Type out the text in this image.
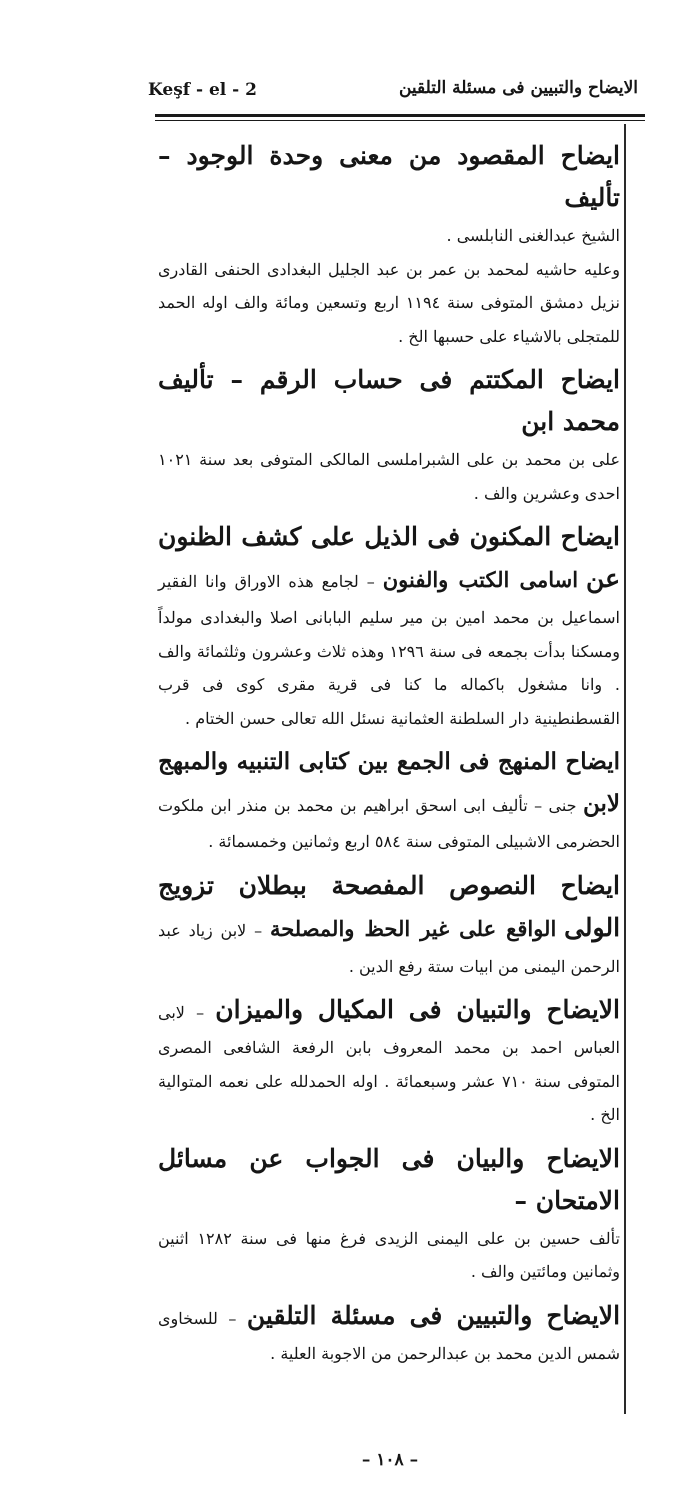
Keşf - el - 2	الايضاح والتبيين فى مسئلة التلقين

ايضاح المقصود من معنى وحدة الوجود – تأليف
الشيخ عبدالغنى النابلسى .
وعليه حاشيه لمحمد بن عمر بن عبد الجليل البغدادى الحنفى القادرى نزيل دمشق المتوفى سنة ١١٩٤ اربع وتسعين ومائة والف اوله الحمد للمتجلى بالاشياء على حسبها الخ .

ايضاح المكتتم فى حساب الرقم – تأليف محمد ابن
على بن محمد بن على الشبراملسى المالكى المتوفى بعد سنة ١٠٢١ احدى وعشرين والف .

ايضاح المكنون فى الذيل على كشف الظنون عن اسامى الكتب والفنون – لجامع هذه الاوراق وانا الفقير اسماعيل بن محمد امين بن مير سليم البابانى اصلا والبغدادى مولداً ومسكنا بدأت بجمعه فى سنة ١٢٩٦ وهذه ثلاث وعشرون وثلثمائة والف . وانا مشغول باكماله ما كنا فى قرية مقرى كوى فى قرب القسطنطينية دار السلطنة العثمانية نسئل الله تعالى حسن الختام .

ايضاح المنهج فى الجمع بين كتابى التنبيه والمبهج لابن جنى – تأليف ابى اسحق ابراهيم بن محمد بن منذر ابن ملكوت الحضرمى الاشبيلى المتوفى سنة ٥٨٤ اربع وثمانين وخمسمائة .

ايضاح النصوص المفصحة ببطلان تزويج الولى الواقع على غير الحظ والمصلحة – لابن زياد عبد الرحمن اليمنى من ابيات ستة رفع الدين .

الايضاح والتبيان فى المكيال والميزان – لابى العباس احمد بن محمد المعروف بابن الرفعة الشافعى المصرى المتوفى سنة ٧١٠ عشر وسبعمائة . اوله الحمدلله على نعمه المتوالية الخ .

الايضاح والبيان فى الجواب عن مسائل الامتحان –
تألف حسين بن على اليمنى الزيدى فرغ منها فى سنة ١٢٨٢ اثنين وثمانين ومائتين والف .

الايضاح والتبيين فى مسئلة التلقين – للسخاوى شمس الدين محمد بن عبدالرحمن من الاجوبة العلية .

– ١٠٨ –
